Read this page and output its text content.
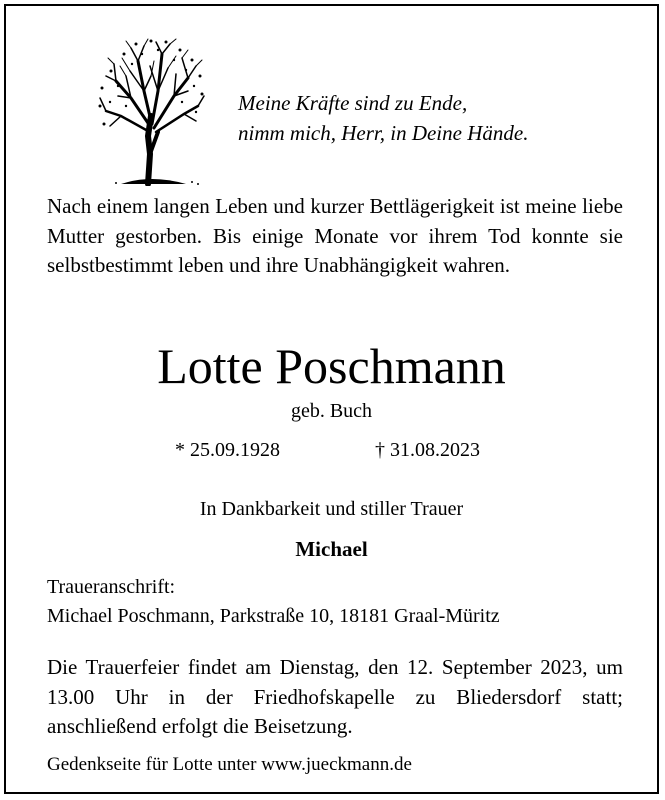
Meine Kräfte sind zu Ende,
nimm mich, Herr, in Deine Hände.
Nach einem langen Leben und kurzer Bettlägerigkeit ist meine liebe Mutter gestorben. Bis einige Monate vor ihrem Tod konnte sie selbstbestimmt leben und ihre Unabhängigkeit wahren.
Lotte Poschmann
geb. Buch
* 25.09.1928	† 31.08.2023
In Dankbarkeit und stiller Trauer
Michael
Traueranschrift:
Michael Poschmann, Parkstraße 10, 18181 Graal-Müritz
Die Trauerfeier findet am Dienstag, den 12. September 2023, um 13.00 Uhr in der Friedhofskapelle zu Bliedersdorf statt; anschließend erfolgt die Beisetzung.
Gedenkseite für Lotte unter www.jueckmann.de
